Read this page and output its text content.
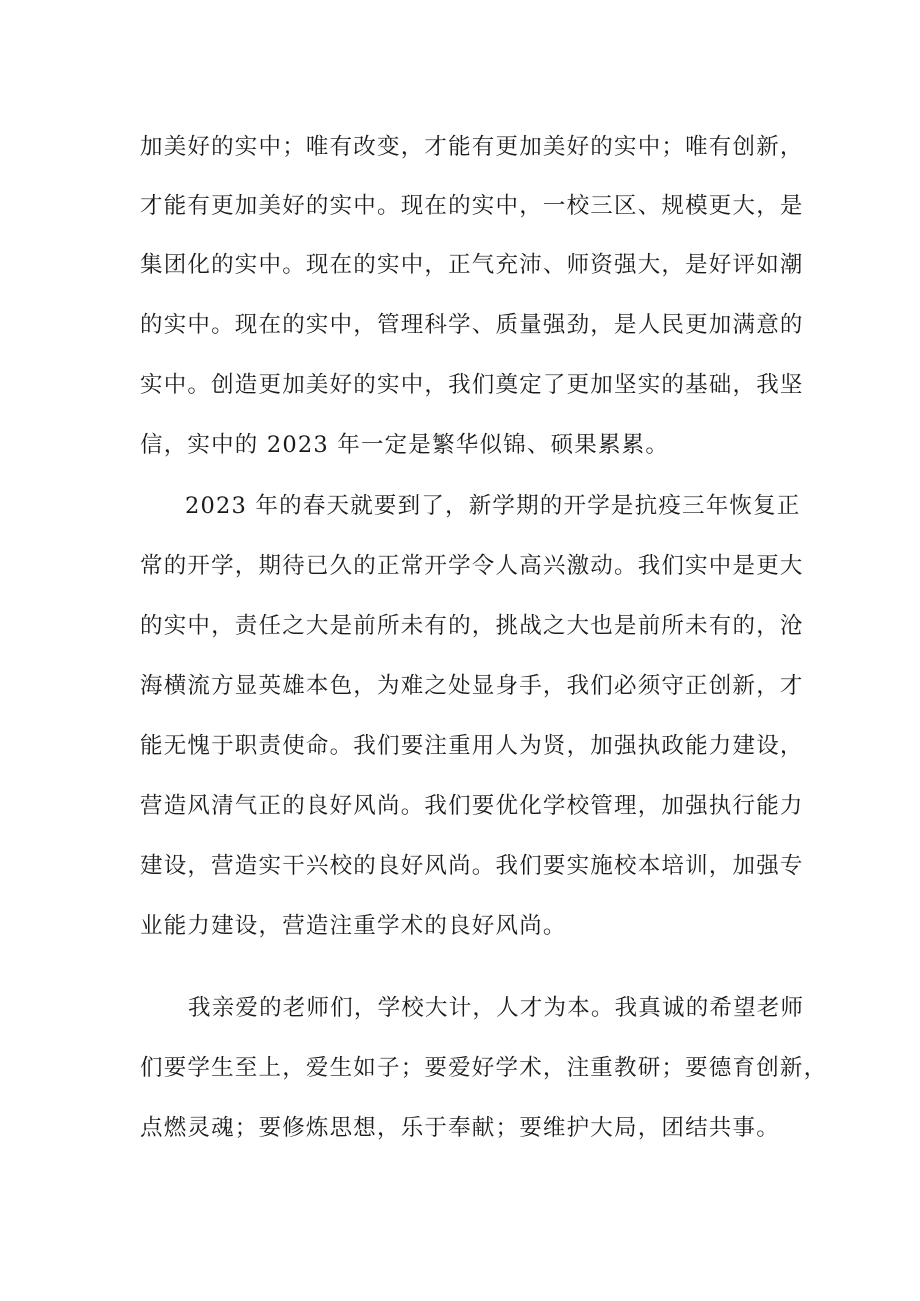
加美好的实中；唯有改变，才能有更加美好的实中；唯有创新，
才能有更加美好的实中。现在的实中，一校三区、规模更大，是
集团化的实中。现在的实中，正气充沛、师资强大，是好评如潮
的实中。现在的实中，管理科学、质量强劲，是人民更加满意的
实中。创造更加美好的实中，我们奠定了更加坚实的基础，我坚
信，实中的 2023 年一定是繁华似锦、硕果累累。
2023 年的春天就要到了，新学期的开学是抗疫三年恢复正
常的开学，期待已久的正常开学令人高兴激动。我们实中是更大
的实中，责任之大是前所未有的，挑战之大也是前所未有的，沧
海横流方显英雄本色，为难之处显身手，我们必须守正创新，才
能无愧于职责使命。我们要注重用人为贤，加强执政能力建设，
营造风清气正的良好风尚。我们要优化学校管理，加强执行能力
建设，营造实干兴校的良好风尚。我们要实施校本培训，加强专
业能力建设，营造注重学术的良好风尚。
我亲爱的老师们，学校大计，人才为本。我真诚的希望老师
们要学生至上，爱生如子；要爱好学术，注重教研；要德育创新，
点燃灵魂；要修炼思想，乐于奉献；要维护大局，团结共事。
